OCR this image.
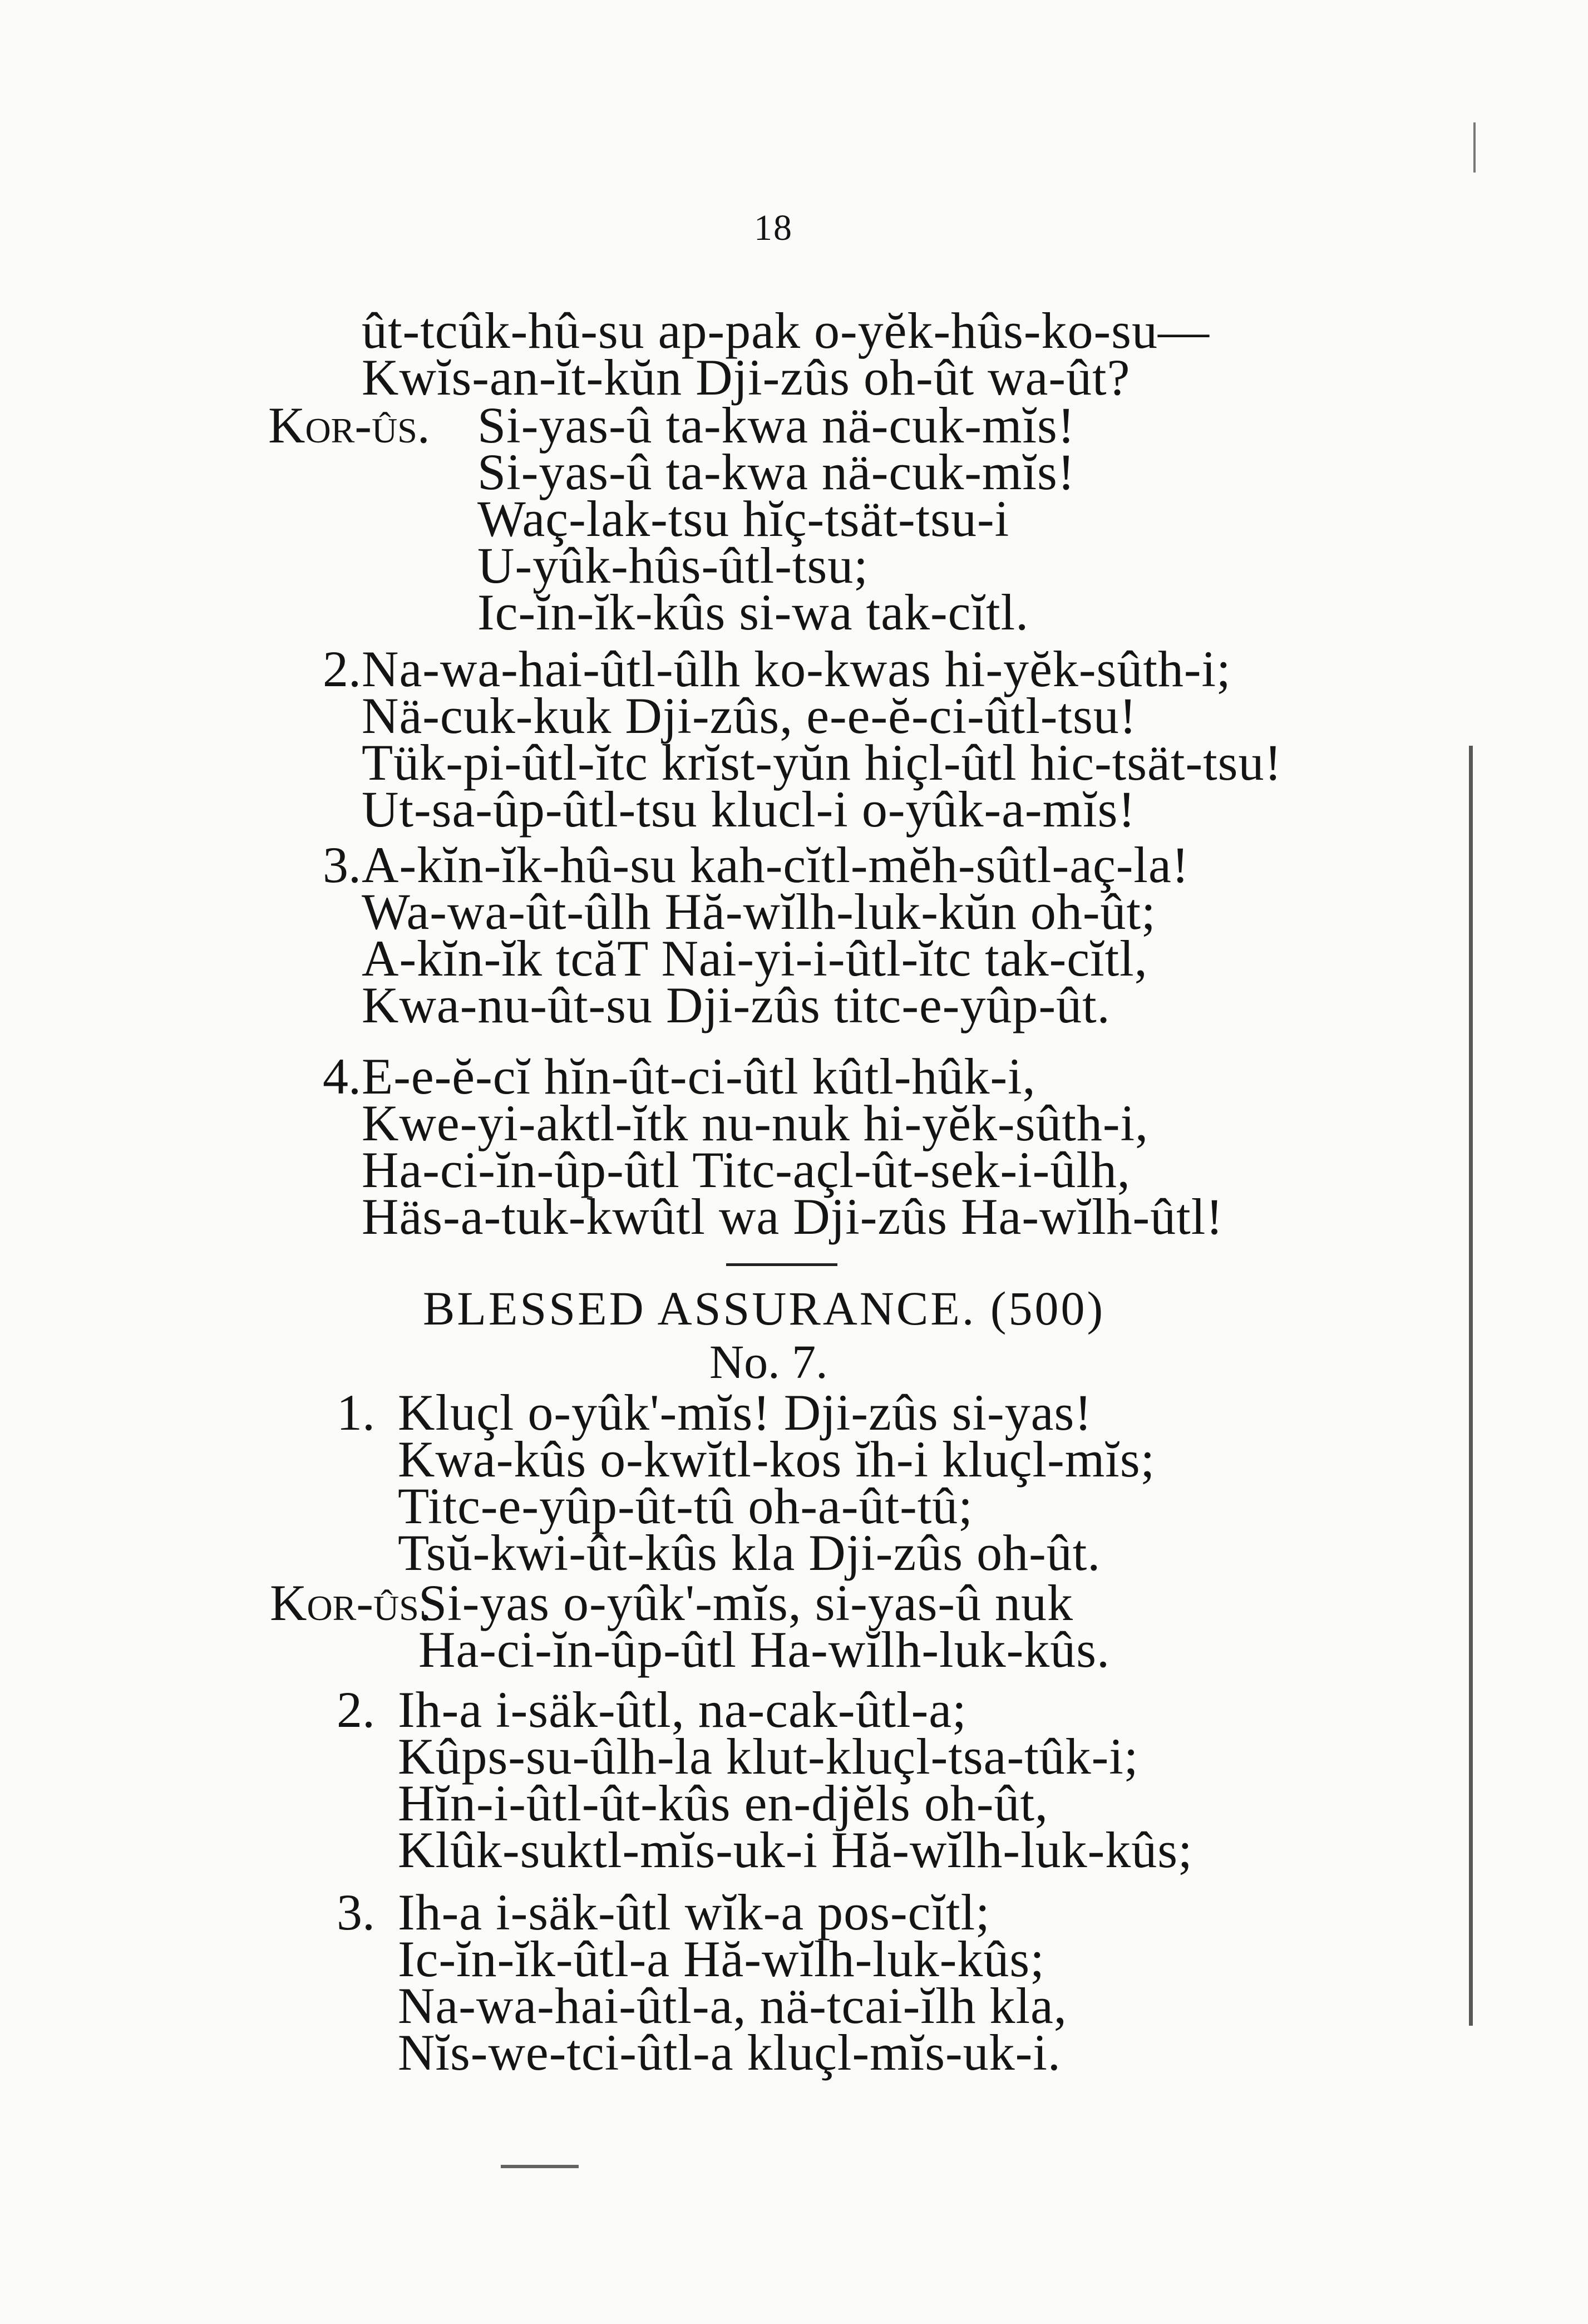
18
ût-tcûk-hû-su ap-pak o-yĕk-hûs-ko-su—
Kwĭs-an-ĭt-kŭn Dji-zûs oh-ût wa-ût?
Kor-ûs. Si-yas-û ta-kwa nä-cuk-mĭs!
Si-yas-û ta-kwa nä-cuk-mĭs!
Waç-lak-tsu hĭç-tsät-tsu-i
U-yûk-hûs-ûtl-tsu;
Ic-ĭn-ĭk-kûs si-wa tak-cĭtl.
2. Na-wa-hai-ûtl-ûlh ko-kwas hi-yĕk-sûth-i;
Nä-cuk-kuk Dji-zûs, e-e-ĕ-ci-ûtl-tsu!
Tük-pi-ûtl-ĭtc krĭst-yŭn hiçl-ûtl hic-tsät-tsu!
Ut-sa-ûp-ûtl-tsu klucl-i o-yûk-a-mĭs!
3. A-kĭn-ĭk-hû-su kah-cĭtl-mĕh-sûtl-aç-la!
Wa-wa-ût-ûlh Hă-wĭlh-luk-kŭn oh-ût;
A-kĭn-ĭk tcăT Nai-yi-i-ûtl-ĭtc tak-cĭtl,
Kwa-nu-ût-su Dji-zûs titc-e-yûp-ût.
4. E-e-ĕ-cĭ hĭn-ût-ci-ûtl kûtl-hûk-i,
Kwe-yi-aktl-ĭtk nu-nuk hi-yĕk-sûth-i,
Ha-ci-ĭn-ûp-ûtl Titc-açl-ût-sek-i-ûlh,
Häs-a-tuk-kwûtl wa Dji-zûs Ha-wĭlh-ûtl!
BLESSED ASSURANCE. (500)
No. 7.
1. Kluçl o-yûk'-mĭs! Dji-zûs si-yas!
Kwa-kûs o-kwĭtl-kos ĭh-i kluçl-mĭs;
Titc-e-yûp-ût-tû oh-a-ût-tû;
Tsŭ-kwi-ût-kûs kla Dji-zûs oh-ût.
Kor-ûs.
Si-yas o-yûk'-mĭs, si-yas-û nuk
Ha-ci-ĭn-ûp-ûtl Ha-wĭlh-luk-kûs.
2. Ih-a i-säk-ûtl, na-cak-ûtl-a;
Kûps-su-ûlh-la klut-kluçl-tsa-tûk-i;
Hĭn-i-ûtl-ût-kûs en-djĕls oh-ût,
Klûk-suktl-mĭs-uk-i Hă-wĭlh-luk-kûs;
3. Ih-a i-säk-ûtl wĭk-a pos-cĭtl;
Ic-ĭn-ĭk-ûtl-a Hă-wĭlh-luk-kûs;
Na-wa-hai-ûtl-a, nä-tcai-ĭlh kla,
Nĭs-we-tci-ûtl-a kluçl-mĭs-uk-i.
